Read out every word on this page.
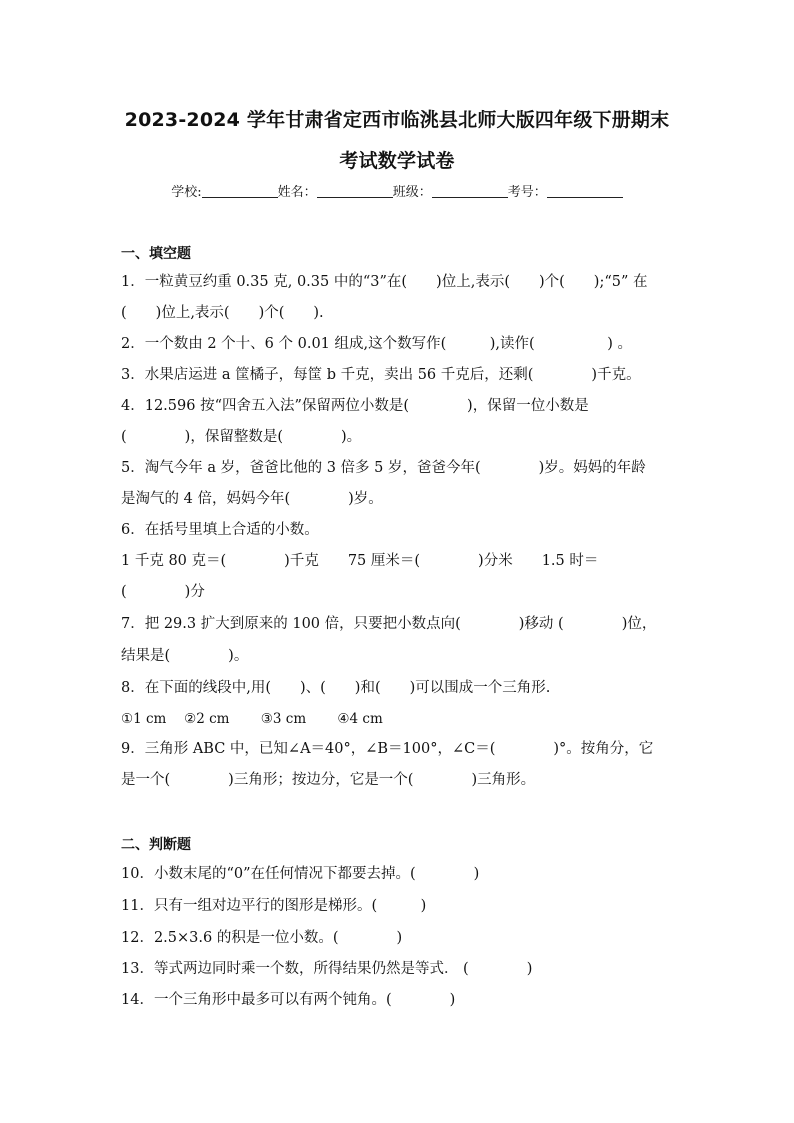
2023-2024 学年甘肃省定西市临洮县北师大版四年级下册期末
考试数学试卷
学校:	姓名：	班级：	考号：
一、填空题
1．一粒黄豆约重 0.35 克, 0.35 中的“3”在(　　)位上,表示(　　)个(　　);“5” 在
(　　)位上,表示(　　)个(　　).
2．一个数由 2 个十、6 个 0.01 组成,这个数写作(　　　),读作(　　　　　) 。
3．水果店运进 a 筐橘子，每筐 b 千克，卖出 56 千克后，还剩(　　　　)千克。
4．12.596 按“四舍五入法”保留两位小数是(　　　　)，保留一位小数是
(　　　　)，保留整数是(　　　　)。
5．淘气今年 a 岁，爸爸比他的 3 倍多 5 岁，爸爸今年(　　　　)岁。妈妈的年龄
是淘气的 4 倍，妈妈今年(　　　　)岁。
6．在括号里填上合适的小数。
1 千克 80 克＝(　　　　)千克　　75 厘米＝(　　　　)分米　　1.5 时＝
(　　　　)分
7．把 29.3 扩大到原来的 100 倍，只要把小数点向(　　　　)移动 (　　　　)位，
结果是(　　　　)。
8．在下面的线段中,用(　　)、(　　)和(　　)可以围成一个三角形.
①1 cm　 ②2 cm　　 ③3 cm　　 ④4 cm
9．三角形 ABC 中，已知∠A＝40°，∠B＝100°，∠C＝(　　　　)°。按角分，它
是一个(　　　　)三角形；按边分，它是一个(　　　　)三角形。
二、判断题
10．小数末尾的“0”在任何情况下都要去掉。(　　　　)
11．只有一组对边平行的图形是梯形。(　　　)
12．2.5×3.6 的积是一位小数。(　　　　)
13．等式两边同时乘一个数，所得结果仍然是等式． (　　　　)
14．一个三角形中最多可以有两个钝角。(　　　　)
